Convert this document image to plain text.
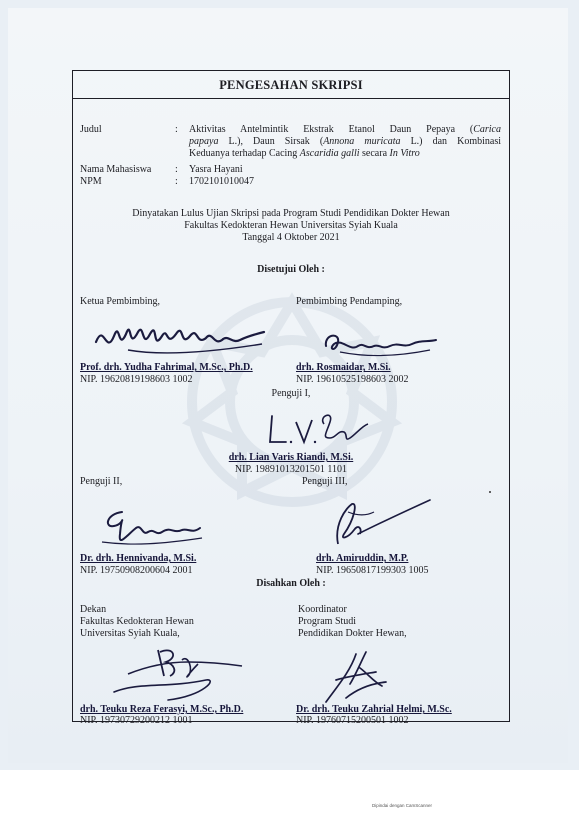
PENGESAHAN SKRIPSI
Judul	: Aktivitas Antelmintik Ekstrak Etanol Daun Pepaya (Carica
papaya L.), Daun Sirsak (Annona muricata L.) dan Kombinasi
Keduanya terhadap Cacing Ascaridia galli secara In Vitro
Nama Mahasiswa : Yasra Hayani
NPM	: 1702101010047
Dinyatakan Lulus Ujian Skripsi pada Program Studi Pendidikan Dokter Hewan
Fakultas Kedokteran Hewan Universitas Syiah Kuala
Tanggal 4 Oktober 2021
Disetujui Oleh :
Ketua Pembimbing,	Pembimbing Pendamping,
Prof. drh. Yudha Fahrimal, M.Sc., Ph.D.
NIP. 19620819198603 1002
drh. Rosmaidar, M.Si.
NIP. 19610525198603 2002
Penguji I,
drh. Lian Varis Riandi, M.Si.
NIP. 19891013201501 1101
Penguji II,	Penguji III,
Dr. drh. Hennivanda, M.Si.
NIP. 19750908200604 2001
drh. Amiruddin, M.P.
NIP. 19650817199303 1005
Disahkan Oleh :
Dekan
Fakultas Kedokteran Hewan
Universitas Syiah Kuala,
Koordinator
Program Studi
Pendidikan Dokter Hewan,
drh. Teuku Reza Ferasyi, M.Sc., Ph.D.
NIP. 19730729200212 1001
Dr. drh. Teuku Zahrial Helmi, M.Sc.
NIP. 19760715200501 1002
Dipindai dengan CamScanner
